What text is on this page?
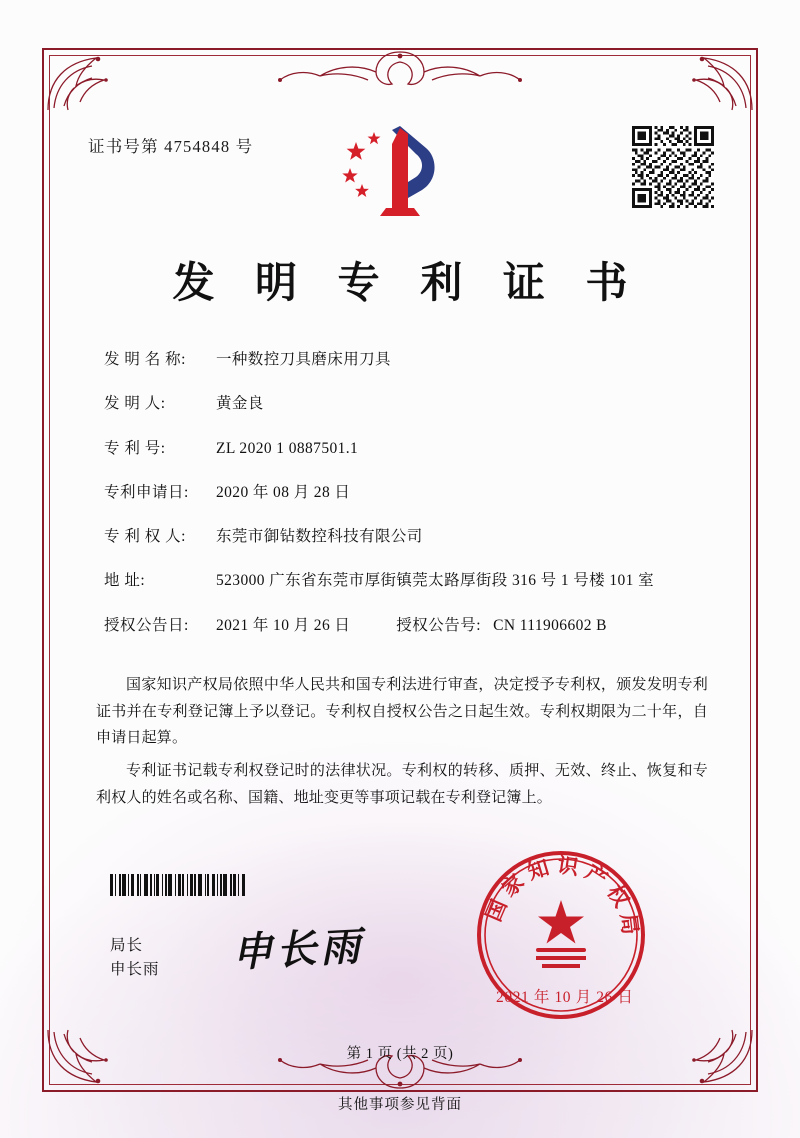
证书号第 4754848 号
发 明 专 利 证 书
发 明 名 称:	一种数控刀具磨床用刀具
发 明 人:	黄金良
专 利 号:	ZL 2020 1 0887501.1
专利申请日:	2020 年 08 月 28 日
专 利 权 人:	东莞市御钻数控科技有限公司
地 址:	523000 广东省东莞市厚街镇莞太路厚街段 316 号 1 号楼 101 室
授权公告日:	2021 年 10 月 26 日	授权公告号: CN 111906602 B

国家知识产权局依照中华人民共和国专利法进行审查，决定授予专利权，颁发发明专利证书并在专利登记簿上予以登记。专利权自授权公告之日起生效。专利权期限为二十年，自申请日起算。

专利证书记载专利权登记时的法律状况。专利权的转移、质押、无效、终止、恢复和专利权人的姓名或名称、国籍、地址变更等事项记载在专利登记簿上。

局长
申长雨 申长雨
国家知识产权局
2021 年 10 月 26 日
第 1 页 (共 2 页)
其他事项参见背面
